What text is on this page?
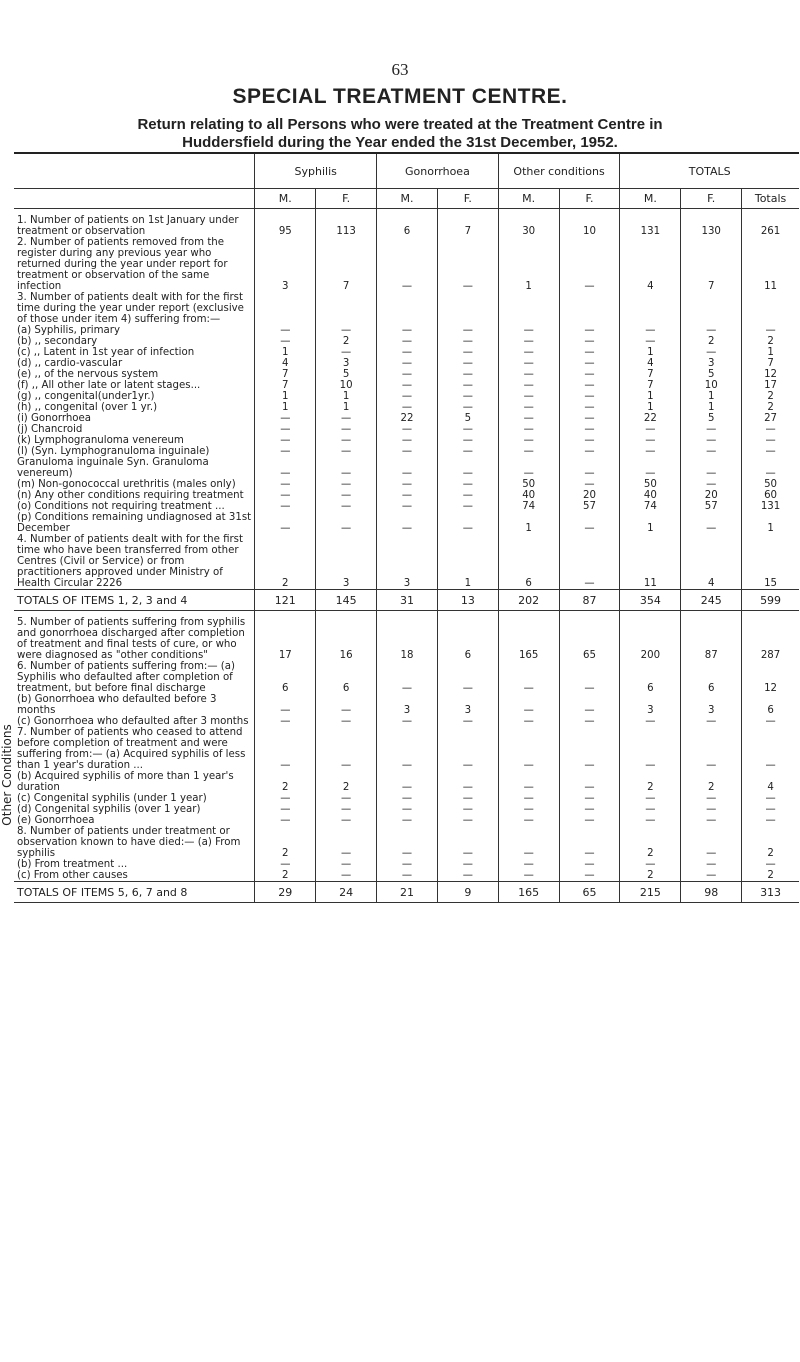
63
SPECIAL TREATMENT CENTRE.
Return relating to all Persons who were treated at the Treatment Centre in
Huddersfield during the Year ended the 31st December, 1952.
Other Conditions
	Syphilis		Gonorrhoea		Other conditions		TOTALS		
	M.	F.	M.	F.	M.	F.	M.	F.	Totals
1. Number of patients on 1st January under treatment or observation	95	113	6	7	30	10	131	130	261
2. Number of patients removed from the register during any previous year who returned during the year under report for treatment or observation of the same infection	3	7	—	—	1	—	4	7	11
3. Number of patients dealt with for the first time during the year under report (exclusive of those under item 4) suffering from:—									
(a) Syphilis, primary	—	—	—	—	—	—	—	—	—
(b) ,, secondary	—	2	—	—	—	—	—	2	2
(c) ,, Latent in 1st year of infection	1	—	—	—	—	—	1	—	1
(d) ,, cardio-vascular	4	3	—	—	—	—	4	3	7
(e) ,, of the nervous system	7	5	—	—	—	—	7	5	12
(f) ,, All other late or latent stages...	7	10	—	—	—	—	7	10	17
(g) ,, congenital(under1yr.)	1	1	—	—	—	—	1	1	2
(h) ,, congenital (over 1 yr.)	1	1	—	—	—	—	1	1	2
(i) Gonorrhoea	—	—	22	5	—	—	22	5	27
(j) Chancroid	—	—	—	—	—	—	—	—	—
(k) Lymphogranuloma venereum	—	—	—	—	—	—	—	—	—
(l) (Syn. Lymphogranuloma inguinale)	—	—	—	—	—	—	—	—	—
Granuloma inguinale Syn. Granuloma venereum)	—	—	—	—	—	—	—	—	—
(m) Non-gonococcal urethritis (males only)	—	—	—	—	50	—	50	—	50
(n) Any other conditions requiring treatment	—	—	—	—	40	20	40	20	60
(o) Conditions not requiring treatment ...	—	—	—	—	74	57	74	57	131
(p) Conditions remaining undiagnosed at 31st December	—	—	—	—	1	—	1	—	1
4. Number of patients dealt with for the first time who have been transferred from other Centres (Civil or Service) or from practitioners approved under Ministry of Health Circular 2226	2	3	3	1	6	—	11	4	15
TOTALS OF ITEMS 1, 2, 3 and 4	121	145	31	13	202	87	354	245	599
5. Number of patients suffering from syphilis and gonorrhoea discharged after completion of treatment and final tests of cure, or who were diagnosed as "other conditions"	17	16	18	6	165	65	200	87	287
6. Number of patients suffering from:— (a) Syphilis who defaulted after completion of treatment, but before final discharge	6	6	—	—	—	—	6	6	12
(b) Gonorrhoea who defaulted before 3 months	—	—	3	3	—	—	3	3	6
(c) Gonorrhoea who defaulted after 3 months	—	—	—	—	—	—	—	—	—
7. Number of patients who ceased to attend before completion of treatment and were suffering from:— (a) Acquired syphilis of less than 1 year's duration ...	—	—	—	—	—	—	—	—	—
(b) Acquired syphilis of more than 1 year's duration	2	2	—	—	—	—	2	2	4
(c) Congenital syphilis (under 1 year)	—	—	—	—	—	—	—	—	—
(d) Congenital syphilis (over 1 year)	—	—	—	—	—	—	—	—	—
(e) Gonorrhoea	—	—	—	—	—	—	—	—	—
8. Number of patients under treatment or observation known to have died:— (a) From syphilis	2	—	—	—	—	—	2	—	2
(b) From treatment ...	—	—	—	—	—	—	—	—	—
(c) From other causes	2	—	—	—	—	—	2	—	2
TOTALS OF ITEMS 5, 6, 7 and 8	29	24	21	9	165	65	215	98	313
